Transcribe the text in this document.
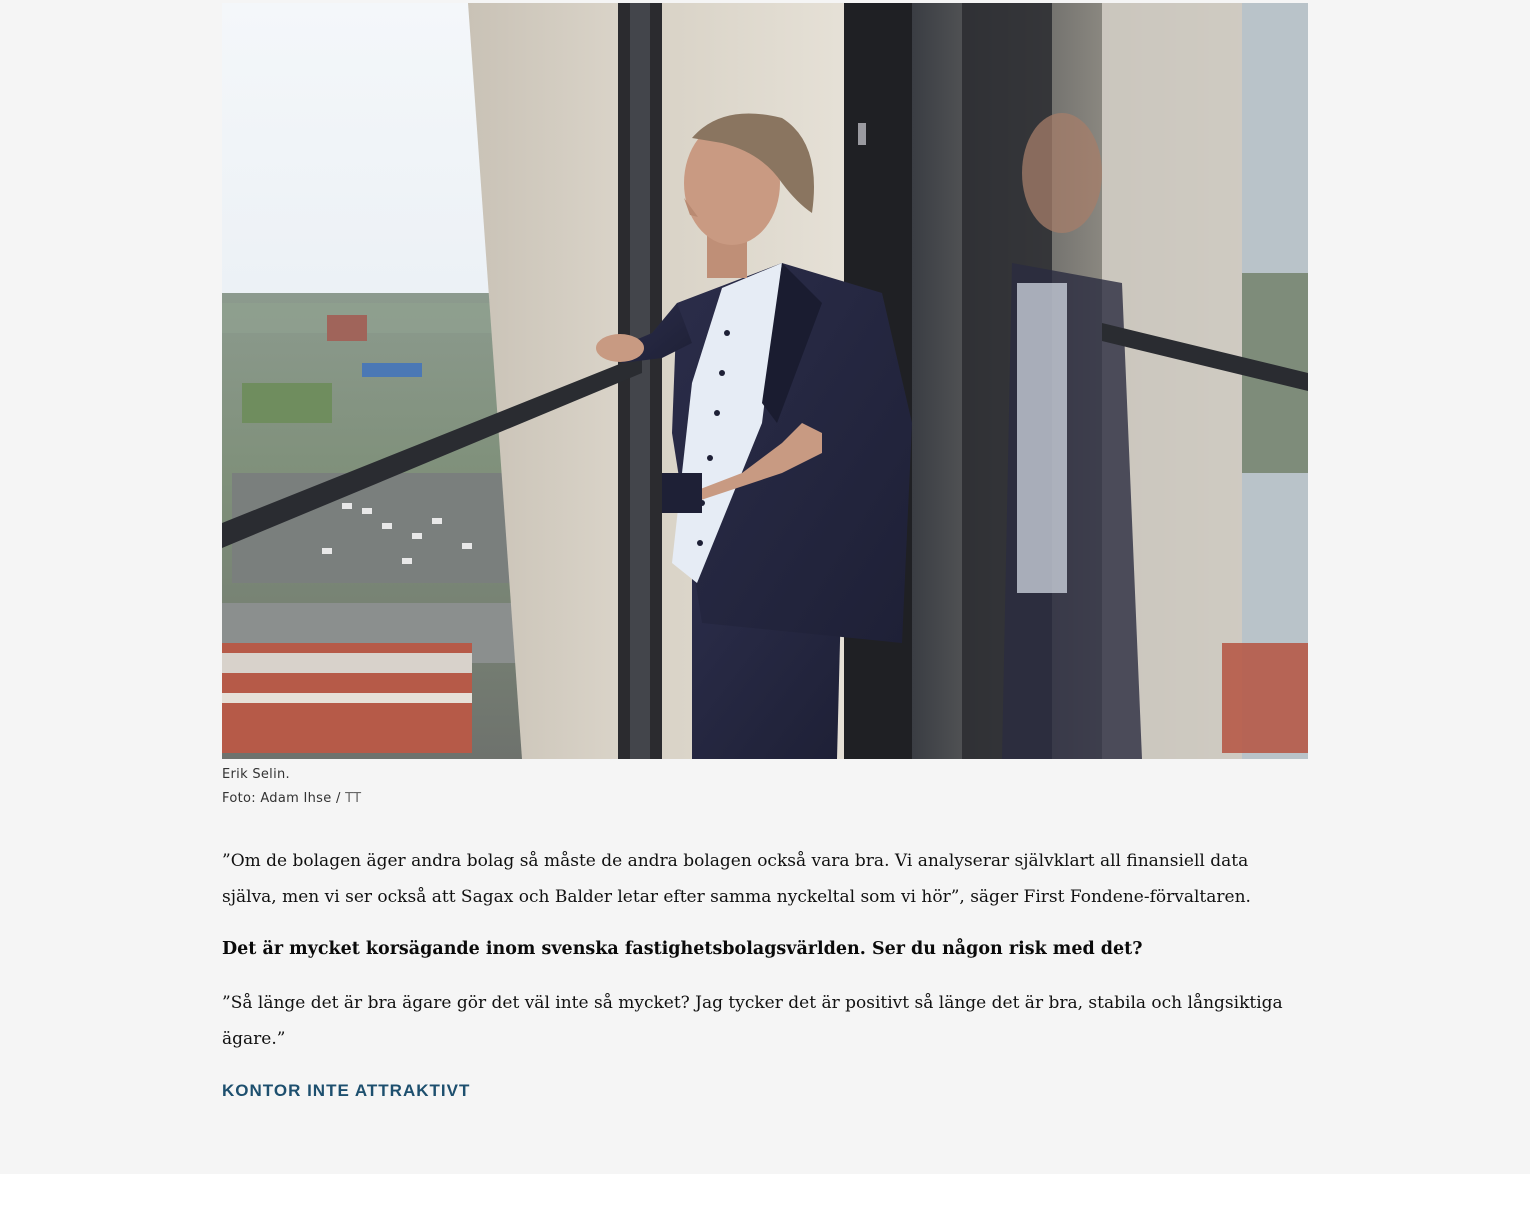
Erik Selin.
Foto: Adam Ihse / TT

”Om de bolagen äger andra bolag så måste de andra bolagen också vara bra. Vi analyserar självklart all finansiell data själva, men vi ser också att Sagax och Balder letar efter samma nyckeltal som vi hör”, säger First Fondene-förvaltaren.

Det är mycket korsägande inom svenska fastighetsbolagsvärlden. Ser du någon risk med det?

”Så länge det är bra ägare gör det väl inte så mycket? Jag tycker det är positivt så länge det är bra, stabila och långsiktiga ägare.”

KONTOR INTE ATTRAKTIVT
